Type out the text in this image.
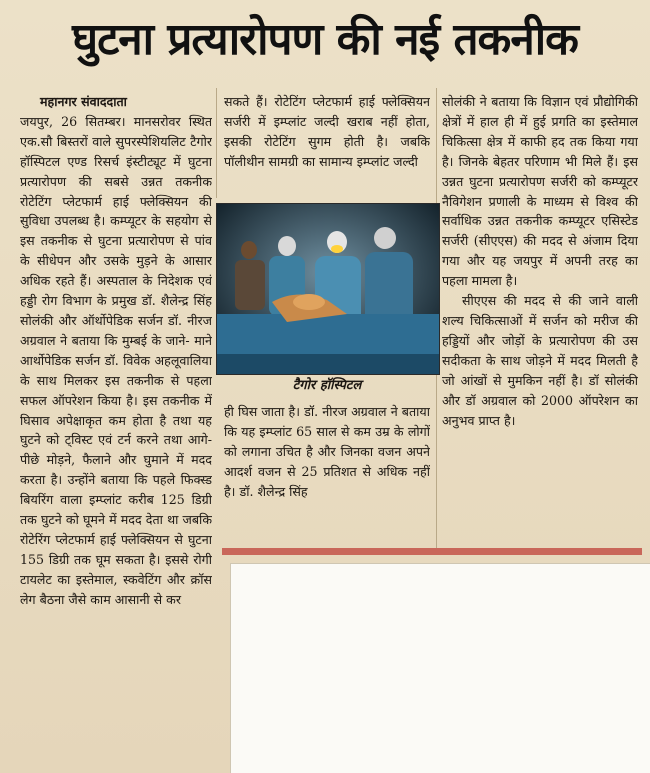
घुटना प्रत्यारोपण की नई तकनीक

महानगर संवाददाता

जयपुर, 26 सितम्बर। मानसरोवर स्थित एक.सौ बिस्तरों वाले सुपरस्पेशियलिट टैगोर हॉस्पिटल एण्ड रिसर्च इंस्टीट्यूट में घुटना प्रत्यारोपण की सबसे उन्नत तकनीक रोटेटिंग प्लेटफार्म हाई फ्लेक्सियन की सुविधा उपलब्ध है। कम्प्यूटर के सहयोग से इस तकनीक से घुटना प्रत्यारोपण से पांव के सीधेपन और उसके मुड़ने के आसार अधिक रहते हैं। अस्पताल के निदेशक एवं हड्डी रोग विभाग के प्रमुख डॉ. शैलेन्द्र सिंह सोलंकी और ऑर्थोपेडिक सर्जन डॉ. नीरज अग्रवाल ने बताया कि मुम्बई के जाने- माने आर्थोपेडिक सर्जन डॉ. विवेक अहलूवालिया के साथ मिलकर इस तकनीक से पहला सफल ऑपरेशन किया है। इस तकनीक में घिसाव अपेक्षाकृत कम होता है तथा यह घुटने को ट्विस्ट एवं टर्न करने तथा आगे-पीछे मोड़ने, फैलाने और घुमाने में मदद करता है। उन्होंने बताया कि पहले फिक्स्ड बियरिंग वाला इम्प्लांट करीब 125 डिग्री तक घुटने को घूमने में मदद देता था जबकि रोटेरिंग प्लेटफार्म हाई फ्लेक्सियन से घुटना 155 डिग्री तक घूम सकता है। इससे रोगी टायलेट का इस्तेमाल, स्कवेटिंग और क्रॉस लेग बैठना जैसे काम आसानी से कर

सकते हैं। रोटेटिंग प्लेटफार्म हाई फ्लेक्सियन सर्जरी में इम्प्लांट जल्दी खराब नहीं होता, इसकी रोटेटिंग सुगम होती है। जबकि पॉलीथीन सामग्री का सामान्य इम्प्लांट जल्दी

टैगोर हॉस्पिटल

ही घिस जाता है। डॉ. नीरज अग्रवाल ने बताया कि यह इम्प्लांट 65 साल से कम उम्र के लोगों को लगाना उचित है और जिनका वजन अपने आदर्श वजन से 25 प्रतिशत से अधिक नहीं है। डॉ. शैलेन्द्र सिंह

सोलंकी ने बताया कि विज्ञान एवं प्रौद्योगिकी क्षेत्रों में हाल ही में हुई प्रगति का इस्तेमाल चिकित्सा क्षेत्र में काफी हद तक किया गया है। जिनके बेहतर परिणाम भी मिले हैं। इस उन्नत घुटना प्रत्यारोपण सर्जरी को कम्प्यूटर नैविगेशन प्रणाली के माध्यम से विश्व की सर्वाधिक उन्नत तकनीक कम्प्यूटर एसिस्टेड सर्जरी (सीएएस) की मदद से अंजाम दिया गया और यह जयपुर में अपनी तरह का पहला मामला है।

सीएएस की मदद से की जाने वाली शल्य चिकित्साओं में सर्जन को मरीज की हड्डियों और जोड़ों के प्रत्यारोपण की उस सदीकता के साथ जोड़ने में मदद मिलती है जो आंखों से मुमकिन नहीं है। डॉ सोलंकी और डॉ अग्रवाल को 2000 ऑपरेशन का अनुभव प्राप्त है।
